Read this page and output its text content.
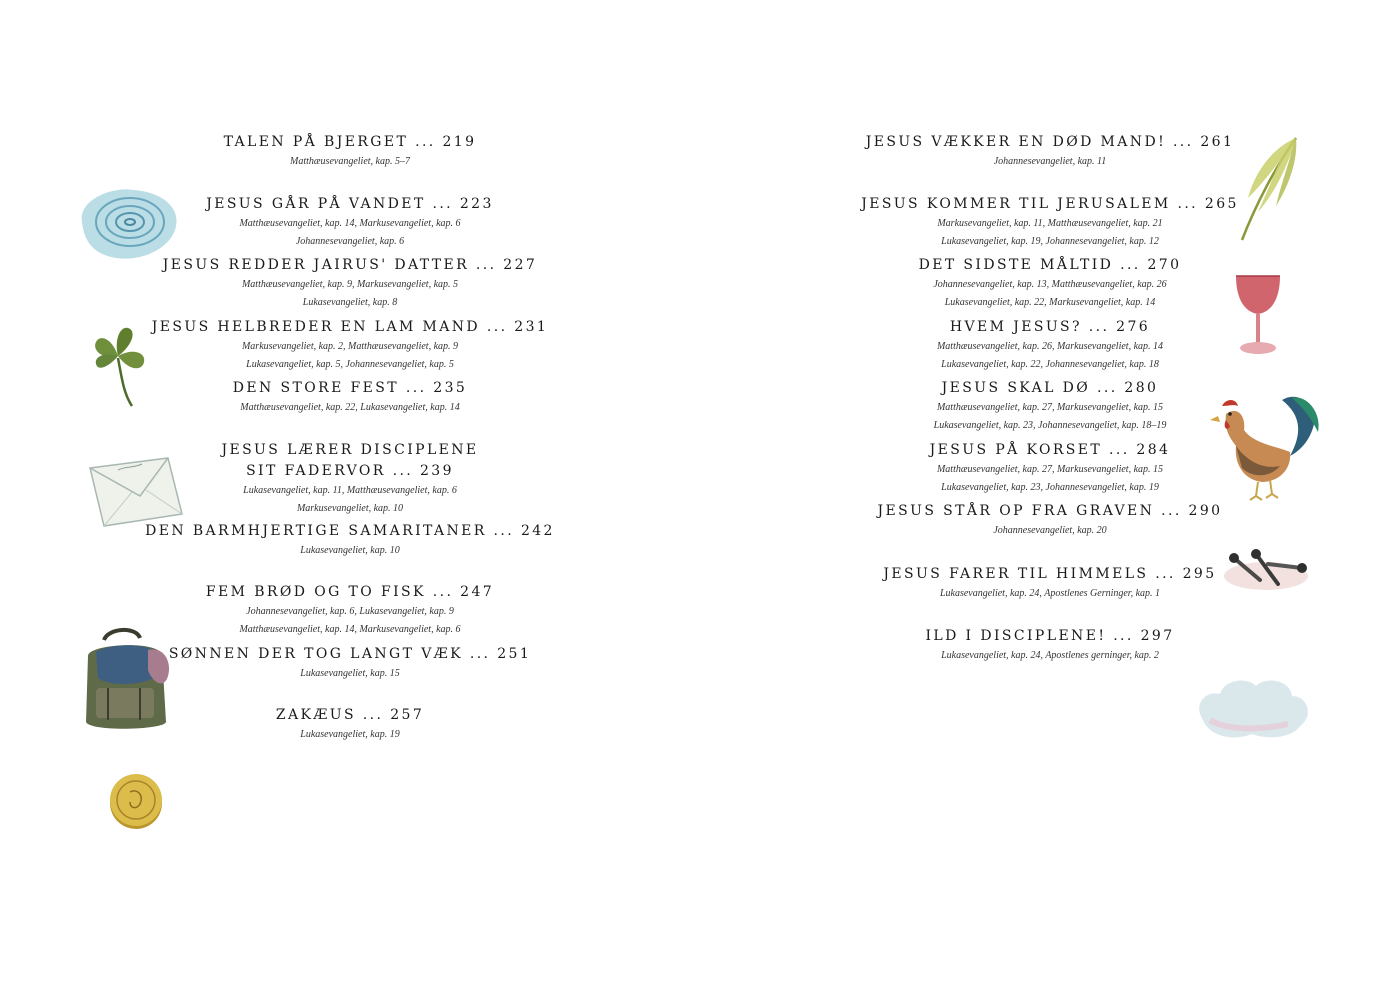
TALEN PÅ BJERGET ... 219
Matthæusevangeliet, kap. 5–7
JESUS GÅR PÅ VANDET ... 223
Matthæusevangeliet, kap. 14, Markusevangeliet, kap. 6
Johannesevangeliet, kap. 6
JESUS REDDER JAIRUS' DATTER ... 227
Matthæusevangeliet, kap. 9, Markusevangeliet, kap. 5
Lukasevangeliet, kap. 8
JESUS HELBREDER EN LAM MAND ... 231
Markusevangeliet, kap. 2, Matthæusevangeliet, kap. 9
Lukasevangeliet, kap. 5, Johannesevangeliet, kap. 5
DEN STORE FEST ... 235
Matthæusevangeliet, kap. 22, Lukasevangeliet, kap. 14
JESUS LÆRER DISCIPLENE
SIT FADERVOR ... 239
Lukasevangeliet, kap. 11, Matthæusevangeliet, kap. 6
Markusevangeliet, kap. 10
DEN BARMHJERTIGE SAMARITANER ... 242
Lukasevangeliet, kap. 10
FEM BRØD OG TO FISK ... 247
Johannesevangeliet, kap. 6, Lukasevangeliet, kap. 9
Matthæusevangeliet, kap. 14, Markusevangeliet, kap. 6
SØNNEN DER TOG LANGT VÆK ... 251
Lukasevangeliet, kap. 15
ZAKÆUS ... 257
Lukasevangeliet, kap. 19
JESUS VÆKKER EN DØD MAND! ... 261
Johannesevangeliet, kap. 11
JESUS KOMMER TIL JERUSALEM ... 265
Markusevangeliet, kap. 11, Matthæusevangeliet, kap. 21
Lukasevangeliet, kap. 19, Johannesevangeliet, kap. 12
DET SIDSTE MÅLTID ... 270
Johannesevangeliet, kap. 13, Matthæusevangeliet, kap. 26
Lukasevangeliet, kap. 22, Markusevangeliet, kap. 14
HVEM JESUS? ... 276
Matthæusevangeliet, kap. 26, Markusevangeliet, kap. 14
Lukasevangeliet, kap. 22, Johannesevangeliet, kap. 18
JESUS SKAL DØ ... 280
Matthæusevangeliet, kap. 27, Markusevangeliet, kap. 15
Lukasevangeliet, kap. 23, Johannesevangeliet, kap. 18–19
JESUS PÅ KORSET ... 284
Matthæusevangeliet, kap. 27, Markusevangeliet, kap. 15
Lukasevangeliet, kap. 23, Johannesevangeliet, kap. 19
JESUS STÅR OP FRA GRAVEN ... 290
Johannesevangeliet, kap. 20
JESUS FARER TIL HIMMELS ... 295
Lukasevangeliet, kap. 24, Apostlenes Gerninger, kap. 1
ILD I DISCIPLENE! ... 297
Lukasevangeliet, kap. 24, Apostlenes gerninger, kap. 2
